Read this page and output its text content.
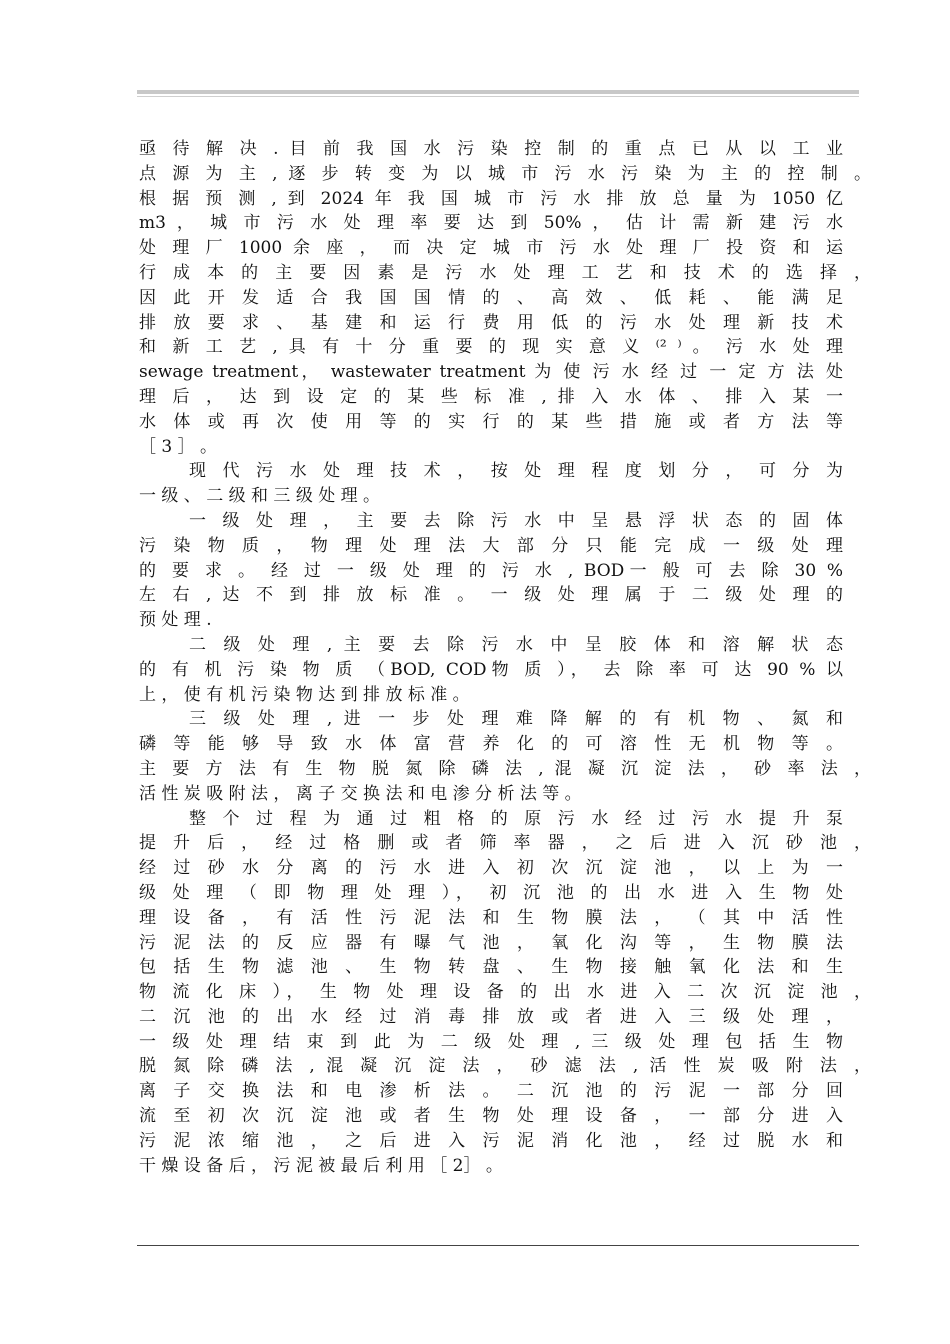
亟 待 解 决 . 目 前 我 国 水 污 染 控 制 的 重 点 已 从 以 工 业
点 源 为 主 , 逐 步 转 变 为 以 城 市 污 水 污 染 为 主 的 控 制 。
根 据 预 测 , 到 2024 年 我 国 城 市 污 水 排 放 总 量 为 1050 亿
m3 ， 城 市 污 水 处 理 率 要 达 到 50% ， 估 计 需 新 建 污 水
处 理 厂 1000 余 座 ， 而 决 定 城 市 污 水 处 理 厂 投 资 和 运
行 成 本 的 主 要 因 素 是 污 水 处 理 工 艺 和 技 术 的 选 择 ，
因 此 开 发 适 合 我 国 国 情 的 、 高 效 、 低 耗 、 能 满 足
排 放 要 求 、 基 建 和 运 行 费 用 低 的 污 水 处 理 新 技 术
和 新 工 艺 , 具 有 十 分 重 要 的 现 实 意 义 ⁽² ⁾ 。 污 水 处 理
sewage treatment， wastewater treatment 为 使 污 水 经 过 一 定 方 法 处
理 后 ， 达 到 设 定 的 某 些 标 准 , 排 入 水 体 、 排 入 某 一
水 体 或 再 次 使 用 等 的 实 行 的 某 些 措 施 或 者 方 法 等
［ 3 ］ 。
现 代 污 水 处 理 技 术 ， 按 处 理 程 度 划 分 ， 可 分 为
一 级 、 二 级 和 三 级 处 理 。
一 级 处 理 ， 主 要 去 除 污 水 中 呈 悬 浮 状 态 的 固 体
污 染 物 质 ， 物 理 处 理 法 大 部 分 只 能 完 成 一 级 处 理
的 要 求 。 经 过 一 级 处 理 的 污 水 , BOD一 般 可 去 除 30 %
左 右 , 达 不 到 排 放 标 准 。 一 级 处 理 属 于 二 级 处 理 的
预 处 理 .
二 级 处 理 , 主 要 去 除 污 水 中 呈 胶 体 和 溶 解 状 态
的 有 机 污 染 物 质 （BOD, COD物 质 ）， 去 除 率 可 达 90 % 以
上 ， 使 有 机 污 染 物 达 到 排 放 标 准 。
三 级 处 理 , 进 一 步 处 理 难 降 解 的 有 机 物 、 氮 和
磷 等 能 够 导 致 水 体 富 营 养 化 的 可 溶 性 无 机 物 等 。
主 要 方 法 有 生 物 脱 氮 除 磷 法 , 混 凝 沉 淀 法 ， 砂 率 法 ，
活 性 炭 吸 附 法 ， 离 子 交 换 法 和 电 渗 分 析 法 等 。
整 个 过 程 为 通 过 粗 格 的 原 污 水 经 过 污 水 提 升 泵
提 升 后 ， 经 过 格 删 或 者 筛 率 器 ， 之 后 进 入 沉 砂 池 ，
经 过 砂 水 分 离 的 污 水 进 入 初 次 沉 淀 池 ， 以 上 为 一
级 处 理 （ 即 物 理 处 理 ）， 初 沉 池 的 出 水 进 入 生 物 处
理 设 备 ， 有 活 性 污 泥 法 和 生 物 膜 法 ， （ 其 中 活 性
污 泥 法 的 反 应 器 有 曝 气 池 ， 氧 化 沟 等 ， 生 物 膜 法
包 括 生 物 滤 池 、 生 物 转 盘 、 生 物 接 触 氧 化 法 和 生
物 流 化 床 ）， 生 物 处 理 设 备 的 出 水 进 入 二 次 沉 淀 池 ，
二 沉 池 的 出 水 经 过 消 毒 排 放 或 者 进 入 三 级 处 理 ，
一 级 处 理 结 束 到 此 为 二 级 处 理 , 三 级 处 理 包 括 生 物
脱 氮 除 磷 法 , 混 凝 沉 淀 法 ， 砂 滤 法 , 活 性 炭 吸 附 法 ，
离 子 交 换 法 和 电 渗 析 法 。 二 沉 池 的 污 泥 一 部 分 回
流 至 初 次 沉 淀 池 或 者 生 物 处 理 设 备 ， 一 部 分 进 入
污 泥 浓 缩 池 ， 之 后 进 入 污 泥 消 化 池 ， 经 过 脱 水 和
干 燥 设 备 后 ， 污 泥 被 最 后 利 用 ［ 2］ 。
